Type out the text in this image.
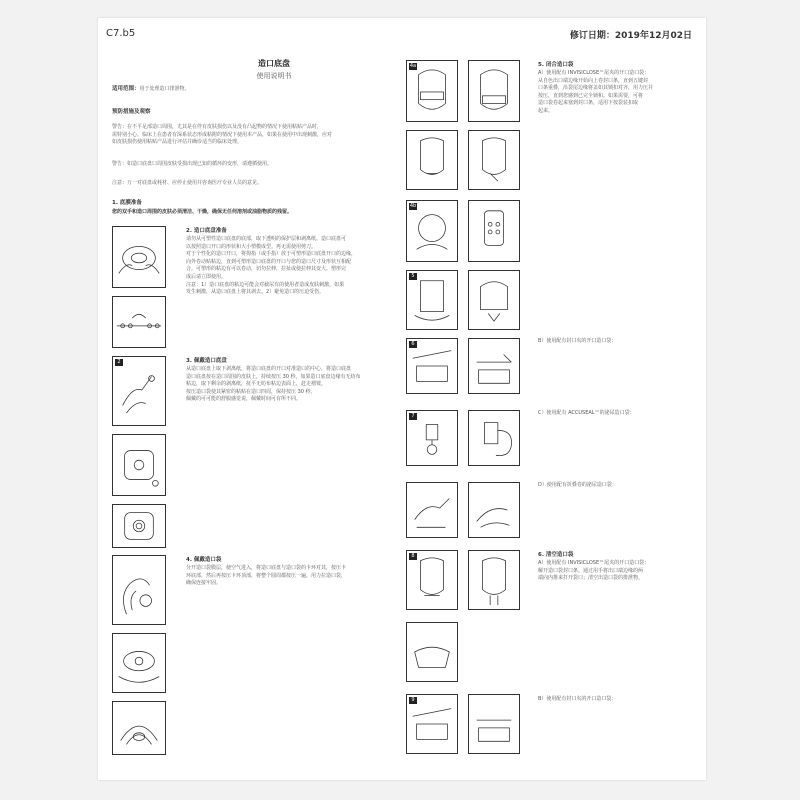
C7.b5	修订日期：2019年12月02日
造口底盘
使用说明书
适用范围：用于处理造口排泄物。
预防措施及观察
警告：在不平足部造口周围，尤其是在伴有皮肤损伤以及没有凸起物的情况下使用粘贴产品时，
需特别小心。临床上在患者有深系状态形成粘附的情况下使用本产品，如果在使用中出现刺激，应对
如皮肤损伤使用粘贴产品进行评估并确诊适当的临床处理。
警告：如造口底盘口周围皮肤受损出现已知的循环的变形，请遵循使用。
注意：万一对底盘或耗材、应停止使用并咨询医疗专业人员的意见。
1. 底膜准备
您的双手和造口周围的皮肤必须清洁、干燥，确保无任何溶剂或油脂物质的残留。
2. 造口底盘准备
请勿从可塑性造口底盘的底部，取下透明的保护层和剥离纸。造口底盘可
以按照造口开口的形状和大小塑模成型。再无需使用剪刀。
对于个性化的造口开口，将拇指（或手指）放于可塑形造口底盘开口的边缘，
向外卷动贴粘边，直到可塑形造口底盘的开口与您的造口尺寸及形状互相配
合。可塑形的粘边有可以卷动，切勿拉伸，拉扯或使拉伸其变大。塑形完
成后请立即使用。
注意：1）造口底盘的粘边可能会对截尿有的使用者造成皮肤刺激，如果
发生刺激，从造口底盘上将其剥去。2）避免造口的压迫受伤。
3. 佩戴造口底盘
从造口底盘上取下剥离纸，将造口底盘的开口对准造口的中心，将造口底盘
造口底盘按在造口周围的皮肤上，持续按压 30 秒。如果造口底盘边缘有无纺布
粘边，取下剩余的剥离纸，抚平无纺布粘边表面上，赶走褶皱。
按压造口袋使其紧密的粘贴在造口四周，保持按压 30 秒。
佩戴的可可能的舒服感觉说，佩戴时间可有所不同。
4. 佩戴造口袋
分开造口袋膜层，使空气进入，将造口底盘与造口袋的卡环对其，按压卡
环底部，然后再按压卡环顶部，将整个圆周都按压一遍，用力拉造口袋，
确保连接牢固。
2
4a
4b
5
6
7
8
9
5. 闭合造口袋
A）使用配有 INVISICLOSE™尾夹的开口造口袋：
从自色出口端边缘开始向上卷封口条，直到五键封
口条重叠，沿袋尾边缘将盖如其锁扣对齐，用力压并
按压，直到您感到已完全锁和。如果需要，可将
造口袋卷起来塞到封口条，适用下按袋装扣取
起来。
B）使用配有封口夹的开口造口袋：
C）使用配有 ACCUSEAL™的泌尿造口袋：
D）使用配有折叠卷的泌尿造口袋：
6. 清空造口袋
A）使用配有 INVISICLOSE™尾夹的开口造口袋：
解开造口袋封口条。通过用手将出口端边缘的两
端向内推来打开袋口；清空出造口袋的排泄物。
B）使用配有封口夹的开口造口袋：
